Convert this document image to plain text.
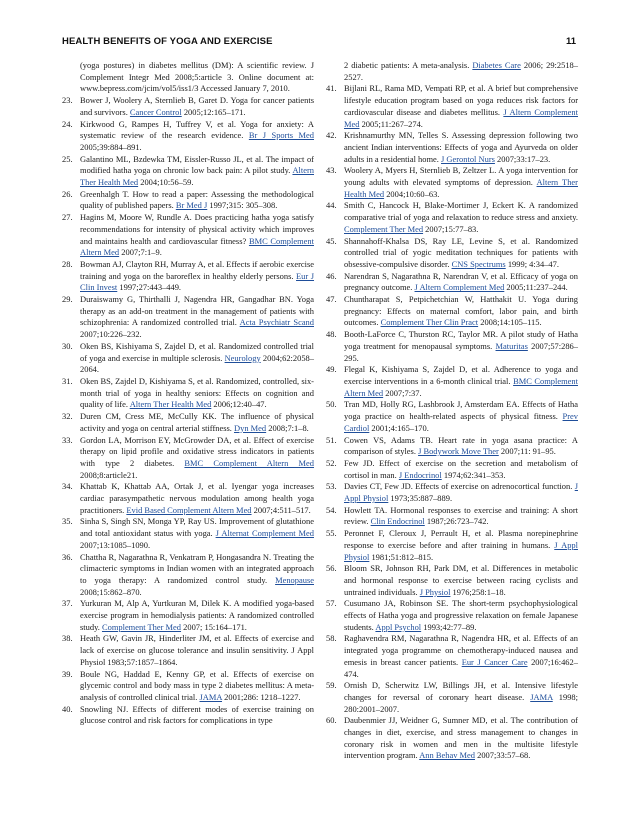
HEALTH BENEFITS OF YOGA AND EXERCISE	11

(yoga postures) in diabetes mellitus (DM): A scientific review. J Complement Integr Med 2008;5:article 3. Online document at: www.bepress.com/jcim/vol5/iss1/3 Accessed January 7, 2010.

23. Bower J, Woolery A, Sternlieb B, Garet D. Yoga for cancer patients and survivors. Cancer Control 2005;12:165–171.

24. Kirkwood G, Rampes H, Tuffrey V, et al. Yoga for anxiety: A systematic review of the research evidence. Br J Sports Med 2005;39:884–891.

25. Galantino ML, Bzdewka TM, Eissler-Russo JL, et al. The impact of modified hatha yoga on chronic low back pain: A pilot study. Altern Ther Health Med 2004;10:56–59.

26. Greenhalgh T. How to read a paper: Assessing the methodological quality of published papers. Br Med J 1997;315: 305–308.

27. Hagins M, Moore W, Rundle A. Does practicing hatha yoga satisfy recommendations for intensity of physical activity which improves and maintains health and cardiovascular fitness? BMC Complement Altern Med 2007;7:1–9.

28. Bowman AJ, Clayton RH, Murray A, et al. Effects if aerobic exercise training and yoga on the baroreflex in healthy elderly persons. Eur J Clin Invest 1997;27:443–449.

29. Duraiswamy G, Thirthalli J, Nagendra HR, Gangadhar BN. Yoga therapy as an add-on treatment in the management of patients with schizophrenia: A randomized controlled trial. Acta Psychiatr Scand 2007;10:226–232.

30. Oken BS, Kishiyama S, Zajdel D, et al. Randomized controlled trial of yoga and exercise in multiple sclerosis. Neurology 2004;62:2058–2064.

31. Oken BS, Zajdel D, Kishiyama S, et al. Randomized, controlled, six-month trial of yoga in healthy seniors: Effects on cognition and quality of life. Altern Ther Health Med 2006;12:40–47.

32. Duren CM, Cress ME, McCully KK. The influence of physical activity and yoga on central arterial stiffness. Dyn Med 2008;7:1–8.

33. Gordon LA, Morrison EY, McGrowder DA, et al. Effect of exercise therapy on lipid profile and oxidative stress indicators in patients with type 2 diabetes. BMC Complement Altern Med 2008;8:article21.

34. Khattab K, Khattab AA, Ortak J, et al. Iyengar yoga increases cardiac parasympathetic nervous modulation among health yoga practitioners. Evid Based Complement Altern Med 2007;4:511–517.

35. Sinha S, Singh SN, Monga YP, Ray US. Improvement of glutathione and total antioxidant status with yoga. J Alternat Complement Med 2007;13:1085–1090.

36. Chattha R, Nagarathna R, Venkatram P, Hongasandra N. Treating the climacteric symptoms in Indian women with an integrated approach to yoga therapy: A randomized control study. Menopause 2008;15:862–870.

37. Yurkuran M, Alp A, Yurtkuran M, Dilek K. A modified yoga-based exercise program in hemodialysis patients: A randomized controlled study. Complement Ther Med 2007; 15:164–171.

38. Heath GW, Gavin JR, Hinderliter JM, et al. Effects of exercise and lack of exercise on glucose tolerance and insulin sensitivity. J Appl Physiol 1983;57:1857–1864.

39. Boule NG, Haddad E, Kenny GP, et al. Effects of exercise on glycemic control and body mass in type 2 diabetes mellitus: A meta-analysis of controlled clinical trial. JAMA 2001;286: 1218–1227.

40. Snowling NJ. Effects of different modes of exercise training on glucose control and risk factors for complications in type

2 diabetic patients: A meta-analysis. Diabetes Care 2006; 29:2518–2527.

41. Bijlani RL, Rama MD, Vempati RP, et al. A brief but comprehensive lifestyle education program based on yoga reduces risk factors for cardiovascular disease and diabetes mellitus. J Altern Complement Med 2005;11:267–274.

42. Krishnamurthy MN, Telles S. Assessing depression following two ancient Indian interventions: Effects of yoga and Ayurveda on older adults in a residential home. J Gerontol Nurs 2007;33:17–23.

43. Woolery A, Myers H, Sternlieb B, Zeltzer L. A yoga intervention for young adults with elevated symptoms of depression. Altern Ther Health Med 2004;10:60–63.

44. Smith C, Hancock H, Blake-Mortimer J, Eckert K. A randomized comparative trial of yoga and relaxation to reduce stress and anxiety. Complement Ther Med 2007;15:77–83.

45. Shannahoff-Khalsa DS, Ray LE, Levine S, et al. Randomized controlled trial of yogic meditation techniques for patients with obsessive-compulsive disorder. CNS Spectrums 1999; 4:34–47.

46. Narendran S, Nagarathna R, Narendran V, et al. Efficacy of yoga on pregnancy outcome. J Altern Complement Med 2005;11:237–244.

47. Chuntharapat S, Petpichetchian W, Hatthakit U. Yoga during pregnancy: Effects on maternal comfort, labor pain, and birth outcomes. Complement Ther Clin Pract 2008;14:105–115.

48. Booth-LaForce C, Thurston RC, Taylor MR. A pilot study of Hatha yoga treatment for menopausal symptoms. Maturitas 2007;57:286–295.

49. Flegal K, Kishiyama S, Zajdel D, et al. Adherence to yoga and exercise interventions in a 6-month clinical trial. BMC Complement Altern Med 2007;7:37.

50. Tran MD, Holly RG, Lashbrook J, Amsterdam EA. Effects of Hatha yoga practice on health-related aspects of physical fitness. Prev Cardiol 2001;4:165–170.

51. Cowen VS, Adams TB. Heart rate in yoga asana practice: A comparison of styles. J Bodywork Move Ther 2007;11: 91–95.

52. Few JD. Effect of exercise on the secretion and metabolism of cortisol in man. J Endocrinol 1974;62:341–353.

53. Davies CT, Few JD. Effects of exercise on adrenocortical function. J Appl Physiol 1973;35:887–889.

54. Howlett TA. Hormonal responses to exercise and training: A short review. Clin Endocrinol 1987;26:723–742.

55. Peronnet F, Cleroux J, Perrault H, et al. Plasma norepinephrine response to exercise before and after training in humans. J Appl Physiol 1981;51:812–815.

56. Bloom SR, Johnson RH, Park DM, et al. Differences in metabolic and hormonal response to exercise between racing cyclists and untrained individuals. J Physiol 1976;258:1–18.

57. Cusumano JA, Robinson SE. The short-term psychophysiological effects of Hatha yoga and progressive relaxation on female Japanese students. Appl Psychol 1993;42:77–89.

58. Raghavendra RM, Nagarathna R, Nagendra HR, et al. Effects of an integrated yoga programme on chemotherapy-induced nausea and emesis in breast cancer patients. Eur J Cancer Care 2007;16:462–474.

59. Ornish D, Scherwitz LW, Billings JH, et al. Intensive lifestyle changes for reversal of coronary heart disease. JAMA 1998; 280:2001–2007.

60. Daubenmier JJ, Weidner G, Sumner MD, et al. The contribution of changes in diet, exercise, and stress management to changes in coronary risk in women and men in the multisite lifestyle intervention program. Ann Behav Med 2007;33:57–68.
